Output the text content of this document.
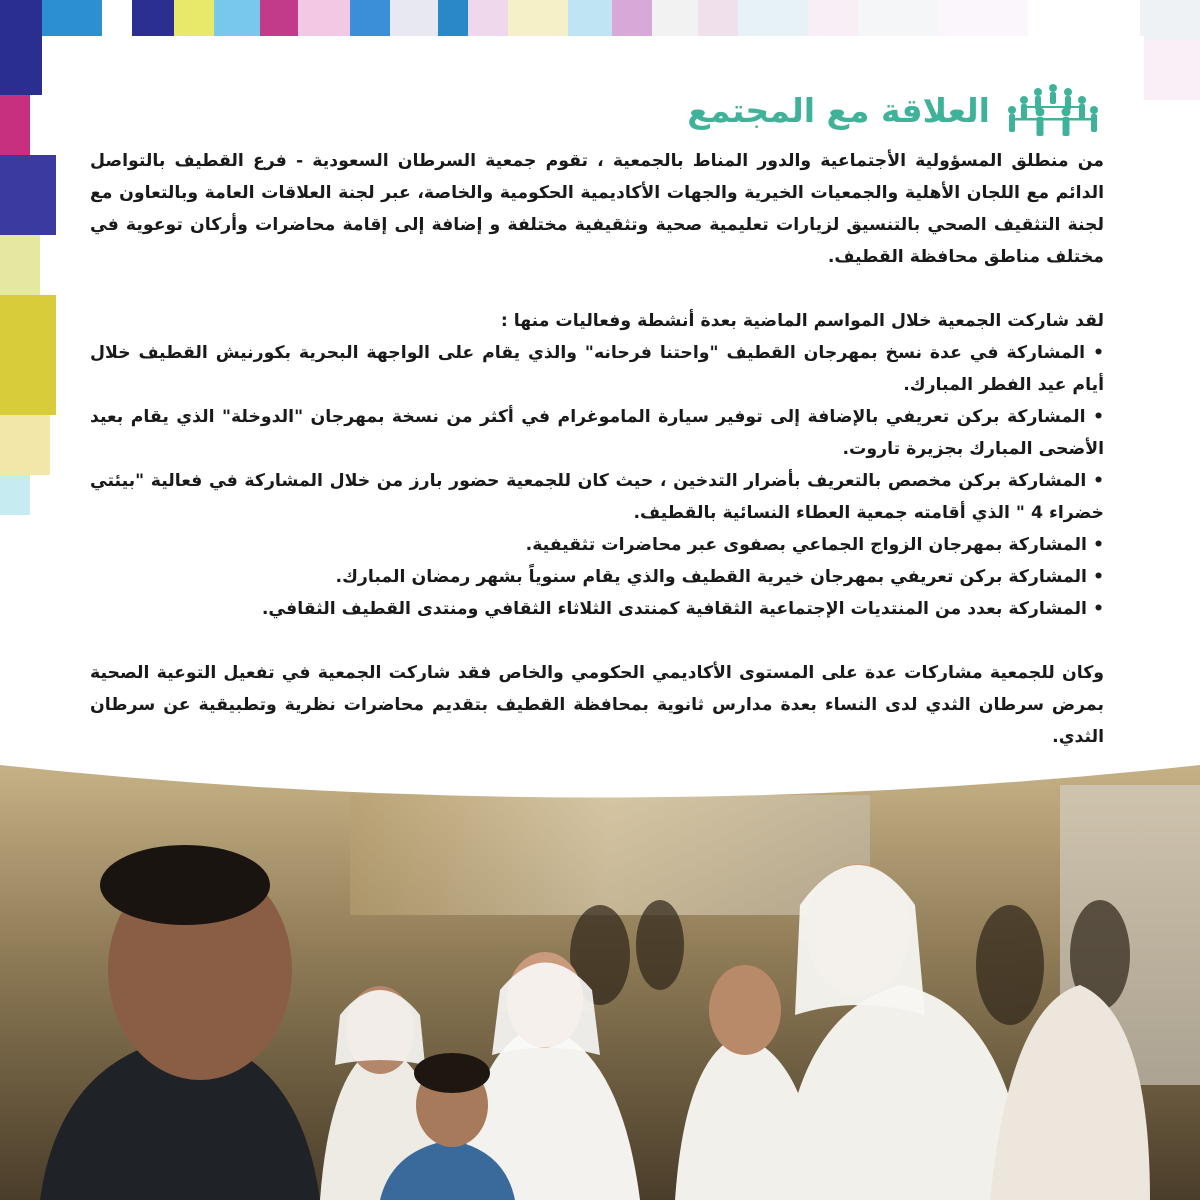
العلاقة مع المجتمع

من منطلق المسؤولية الأجتماعية والدور المناط بالجمعية ، تقوم جمعية السرطان السعودية - فرع القطيف بالتواصل الدائم مع اللجان الأهلية والجمعيات الخيرية والجهات الأكاديمية الحكومية والخاصة، عبر لجنة العلاقات العامة وبالتعاون مع لجنة التثقيف الصحي بالتنسيق لزيارات تعليمية صحية وتثقيفية مختلفة و إضافة إلى إقامة محاضرات وأركان توعوية في مختلف مناطق محافظة القطيف.

لقد شاركت الجمعية خلال المواسم الماضية بعدة أنشطة وفعاليات منها :

• المشاركة في عدة نسخ بمهرجان القطيف "واحتنا فرحانه" والذي يقام على الواجهة البحرية بكورنيش القطيف خلال أيام عيد الفطر المبارك.
• المشاركة بركن تعريفي بالإضافة إلى توفير سيارة الماموغرام في أكثر من نسخة بمهرجان "الدوخلة" الذي يقام بعيد الأضحى المبارك بجزيرة تاروت.
• المشاركة بركن مخصص بالتعريف بأضرار التدخين ، حيث كان للجمعية حضور بارز من خلال المشاركة في فعالية "بيئتي خضراء 4 " الذي أقامته جمعية العطاء النسائية بالقطيف.
• المشاركة بمهرجان الزواج الجماعي بصفوى عبر محاضرات تثقيفية.
• المشاركة بركن تعريفي بمهرجان خيرية القطيف والذي يقام سنوياً بشهر رمضان المبارك.
• المشاركة بعدد من المنتديات الإجتماعية الثقافية كمنتدى الثلاثاء الثقافي ومنتدى القطيف الثقافي.

وكان للجمعية مشاركات عدة على المستوى الأكاديمي الحكومي والخاص فقد شاركت الجمعية في تفعيل التوعية الصحية بمرض سرطان الثدي لدى النساء بعدة مدارس ثانوية بمحافظة القطيف بتقديم محاضرات نظرية وتطبيقية عن سرطان الثدي.
